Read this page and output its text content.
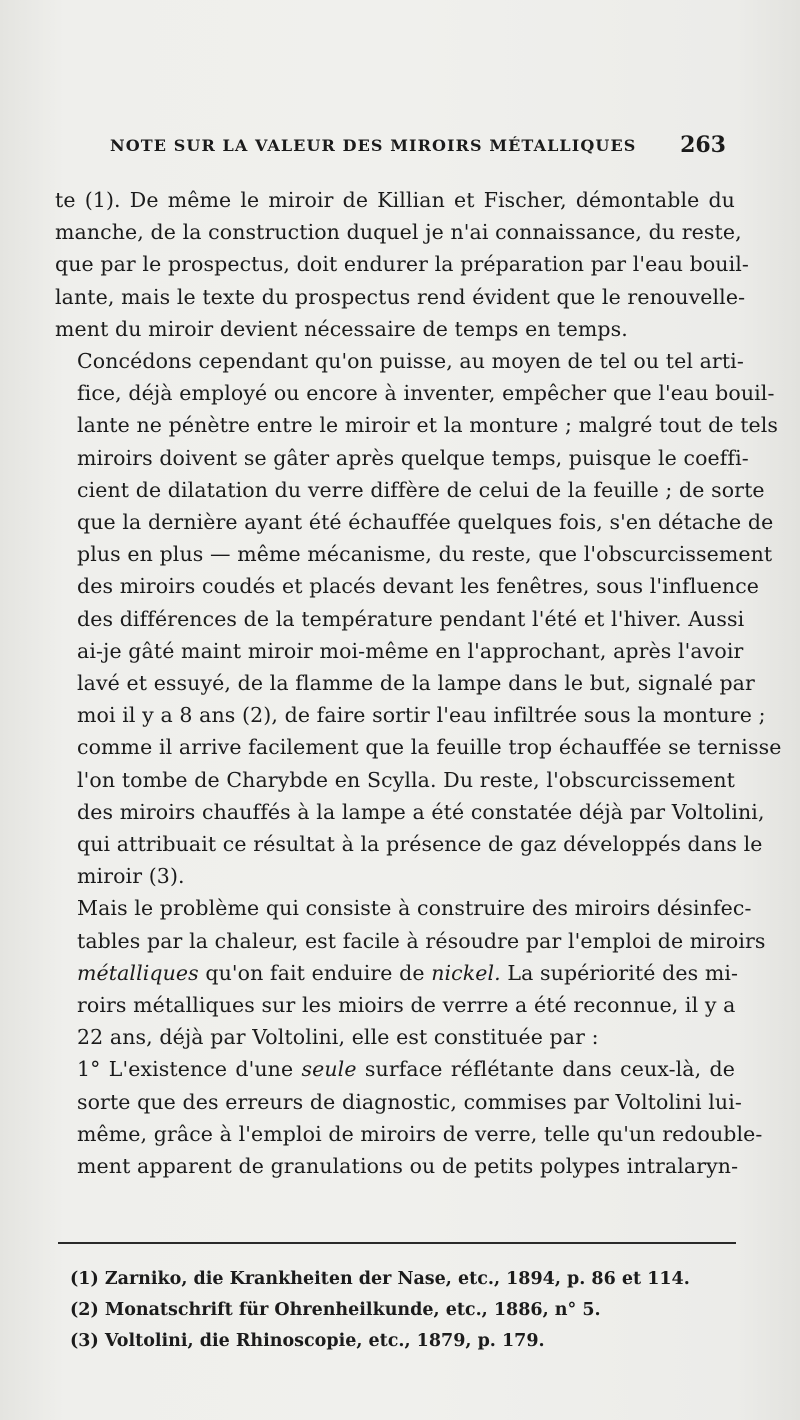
NOTE SUR LA VALEUR DES MIROIRS MÉTALLIQUES	263
te (1). De même le miroir de Killian et Fischer, démontable du
manche, de la construction duquel je n'ai connaissance, du reste,
que par le prospectus, doit endurer la préparation par l'eau bouil-
lante, mais le texte du prospectus rend évident que le renouvelle-
ment du miroir devient nécessaire de temps en temps.
Concédons cependant qu'on puisse, au moyen de tel ou tel arti-
fice, déjà employé ou encore à inventer, empêcher que l'eau bouil-
lante ne pénètre entre le miroir et la monture ; malgré tout de tels
miroirs doivent se gâter après quelque temps, puisque le coeffi-
cient de dilatation du verre diffère de celui de la feuille ; de sorte
que la dernière ayant été échauffée quelques fois, s'en détache de
plus en plus — même mécanisme, du reste, que l'obscurcissement
des miroirs coudés et placés devant les fenêtres, sous l'influence
des différences de la température pendant l'été et l'hiver. Aussi
ai-je gâté maint miroir moi-même en l'approchant, après l'avoir
lavé et essuyé, de la flamme de la lampe dans le but, signalé par
moi il y a 8 ans (2), de faire sortir l'eau infiltrée sous la monture ;
comme il arrive facilement que la feuille trop échauffée se ternisse
l'on tombe de Charybde en Scylla. Du reste, l'obscurcissement
des miroirs chauffés à la lampe a été constatée déjà par Voltolini,
qui attribuait ce résultat à la présence de gaz développés dans le
miroir (3).
Mais le problème qui consiste à construire des miroirs désinfec-
tables par la chaleur, est facile à résoudre par l'emploi de miroirs
métalliques qu'on fait enduire de nickel. La supériorité des mi-
roirs métalliques sur les mioirs de verrre a été reconnue, il y a
22 ans, déjà par Voltolini, elle est constituée par :
1° L'existence d'une seule surface réflétante dans ceux-là, de
sorte que des erreurs de diagnostic, commises par Voltolini lui-
même, grâce à l'emploi de miroirs de verre, telle qu'un redouble-
ment apparent de granulations ou de petits polypes intralaryn-
(1) Zarniko, die Krankheiten der Nase, etc., 1894, p. 86 et 114.
(2) Monatschrift für Ohrenheilkunde, etc., 1886, n° 5.
(3) Voltolini, die Rhinoscopie, etc., 1879, p. 179.
